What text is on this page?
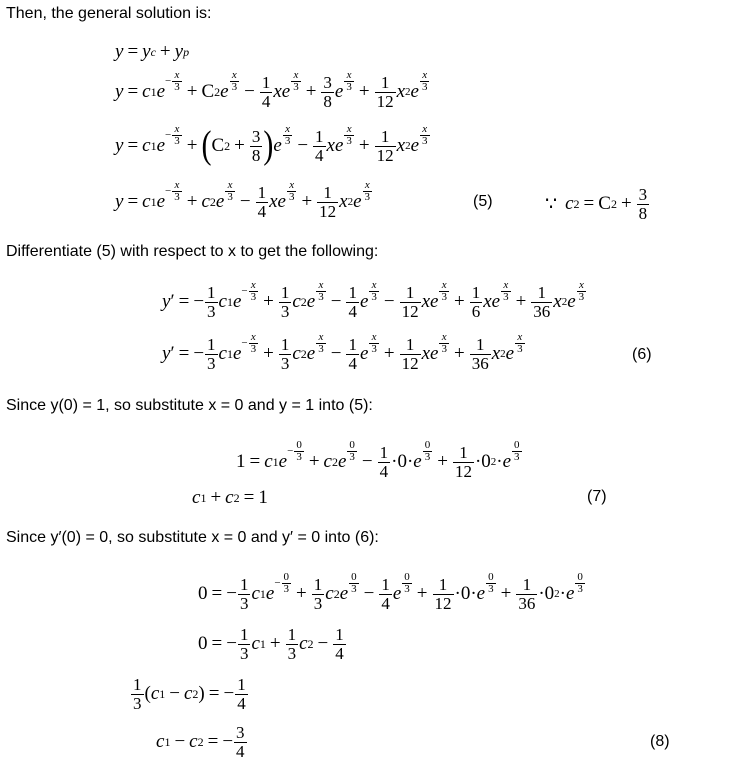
Then, the general solution is:
y = y c + y p
y = c 1 e
− $\frac{x}{3} + C$ 2 e $\frac{x}{3} - \frac{1}{4}$ xe $\frac{x}{3} + \frac{3}{8}$ e $\frac{x}{3} + \frac{1}{12}$ x 2 e $\frac{x}{3}$
y = c 1 e
− $\frac{x}{3}$ + ( C $2 + \frac{3}{8}$ ) e $\frac{x}{3} - \frac{1}{4}$ xe $\frac{x}{3} + \frac{1}{12}$ x 2 e $\frac{x}{3}$
y = c 1 e
− $\frac{x}{3} + c$ 2 e $\frac{x}{3} - \frac{1}{4}$ xe $\frac{x}{3} + \frac{1}{12}$ x 2 e $\frac{x}{3}$	(5)	∵ c 2 = C $2 + \frac{3}{8}$
Differentiate (5) with respect to x to get the following:
y ′ = − $\frac{1}{3}$ c 1 e
− $\frac{x}{3} + \frac{1}{3}$ c 2 e $\frac{x}{3} - \frac{1}{4}$ e $\frac{x}{3} - \frac{1}{12}$ xe $\frac{x}{3} + \frac{1}{6}$ xe $\frac{x}{3} + \frac{1}{36}$ x 2 e $\frac{x}{3}$
y ′ = − $\frac{1}{3}$ c 1 e
− $\frac{x}{3} + \frac{1}{3}$ c 2 e $\frac{x}{3} - \frac{1}{4}$ e $\frac{x}{3} + \frac{1}{12}$ xe $\frac{x}{3} + \frac{1}{36}$ x 2 e $\frac{x}{3}$	(6)
Since y(0) = 1, so substitute x = 0 and y = 1 into (5):
1 = c 1 e
− $\frac{0}{3} + c$ 2 e $\frac{0}{3} - \frac{1}{4} \cdot 0\cdot e \frac{0}{3} + \frac{1}{12} \cdot 0$ 2 · e $\frac{0}{3}$
c 1 + c 2 = 1	(7)
Since y′(0) = 0, so substitute x = 0 and y′ = 0 into (6):
0 = − $\frac{1}{3}$ c 1 e
− $\frac{0}{3} + \frac{1}{3}$ c 2 e $\frac{0}{3} - \frac{1}{4}$ e $\frac{0}{3} + \frac{1}{12} \cdot 0\cdot e \frac{0}{3} + \frac{1}{36} \cdot 0$ 2 · e $\frac{0}{3}$
0 = − $\frac{1}{3}$ c $1 + \frac{1}{3}$ c $2 - \frac{1}{4}$
1
3 ( c 1 − c 2 ) = − $\frac{1}{4}$
c 1 − c 2 = − $\frac{3}{4}$	(8)
